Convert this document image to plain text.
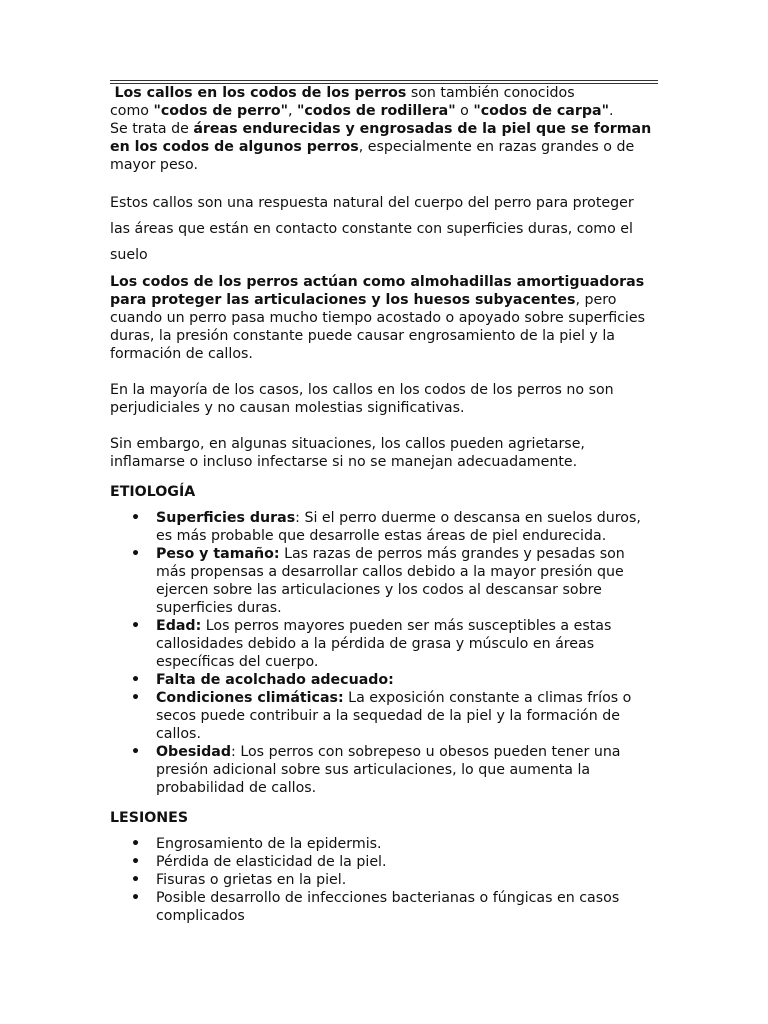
Los callos en los codos de los perros son también conocidos
como "codos de perro", "codos de rodillera" o "codos de carpa".
Se trata de áreas endurecidas y engrosadas de la piel que se forman en los codos de algunos perros, especialmente en razas grandes o de mayor peso.

Estos callos son una respuesta natural del cuerpo del perro para proteger
las áreas que están en contacto constante con superficies duras, como el
suelo

Los codos de los perros actúan como almohadillas amortiguadoras para proteger las articulaciones y los huesos subyacentes, pero cuando un perro pasa mucho tiempo acostado o apoyado sobre superficies duras, la presión constante puede causar engrosamiento de la piel y la formación de callos.

En la mayoría de los casos, los callos en los codos de los perros no son perjudiciales y no causan molestias significativas.

Sin embargo, en algunas situaciones, los callos pueden agrietarse, inflamarse o incluso infectarse si no se manejan adecuadamente.

ETIOLOGÍA

• Superficies duras: Si el perro duerme o descansa en suelos duros, es más probable que desarrolle estas áreas de piel endurecida.
• Peso y tamaño: Las razas de perros más grandes y pesadas son más propensas a desarrollar callos debido a la mayor presión que ejercen sobre las articulaciones y los codos al descansar sobre superficies duras.
• Edad: Los perros mayores pueden ser más susceptibles a estas callosidades debido a la pérdida de grasa y músculo en áreas específicas del cuerpo.
• Falta de acolchado adecuado:
• Condiciones climáticas: La exposición constante a climas fríos o secos puede contribuir a la sequedad de la piel y la formación de callos.
• Obesidad: Los perros con sobrepeso u obesos pueden tener una presión adicional sobre sus articulaciones, lo que aumenta la probabilidad de callos.

LESIONES

• Engrosamiento de la epidermis.
• Pérdida de elasticidad de la piel.
• Fisuras o grietas en la piel.
• Posible desarrollo de infecciones bacterianas o fúngicas en casos complicados
